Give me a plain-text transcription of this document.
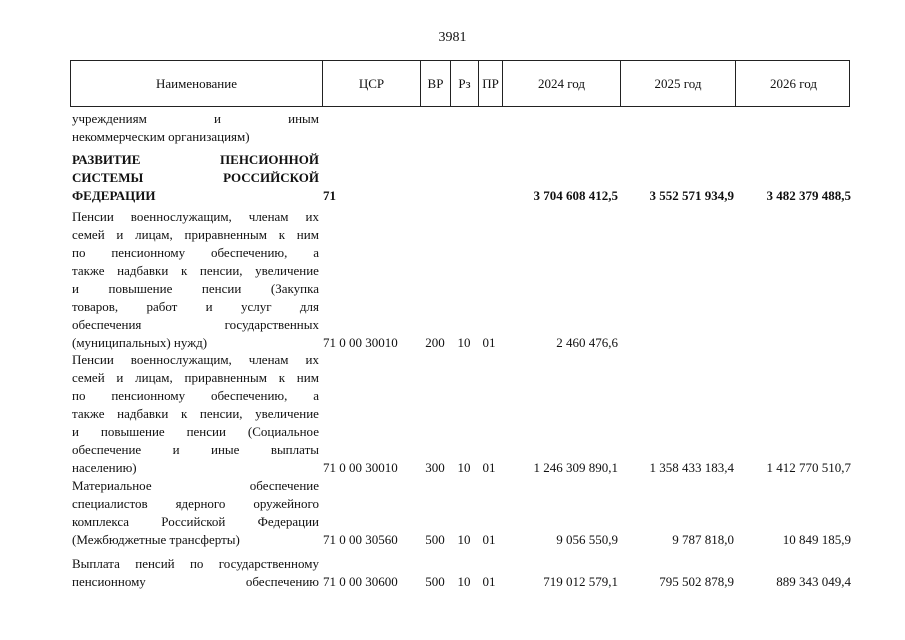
3981
Наименование	ЦСР	ВР	Рз ПР	2024 год	2025 год	2026 год
учреждениям	и	иным
некоммерческим организациям)
РАЗВИТИЕ	ПЕНСИОННОЙ
СИСТЕМЫ	РОССИЙСКОЙ
ФЕДЕРАЦИИ	71	3 704 608 412,5	3 552 571 934,9	3 482 379 488,5
Пенсии военнослужащим, членам их
семей и лицам, приравненным к ним
по пенсионному обеспечению, а
также надбавки к пенсии, увеличение
и повышение пенсии (Закупка
товаров, работ и услуг для
обеспечения	государственных
(муниципальных) нужд)	71 0 00 30010	200 10 01	2 460 476,6
Пенсии военнослужащим, членам их
семей и лицам, приравненным к ним
по пенсионному обеспечению, а
также надбавки к пенсии, увеличение
и повышение пенсии (Социальное
обеспечение и иные выплаты
населению)	71 0 00 30010	300 10 01	1 246 309 890,1	1 358 433 183,4	1 412 770 510,7
Материальное	обеспечение
специалистов ядерного оружейного
комплекса Российской Федерации
(Межбюджетные трансферты)	71 0 00 30560	500 10 01	9 056 550,9	9 787 818,0	10 849 185,9
Выплата пенсий по государственному
пенсионному	обеспечению 71 0 00 30600	500 10 01	719 012 579,1	795 502 878,9	889 343 049,4
